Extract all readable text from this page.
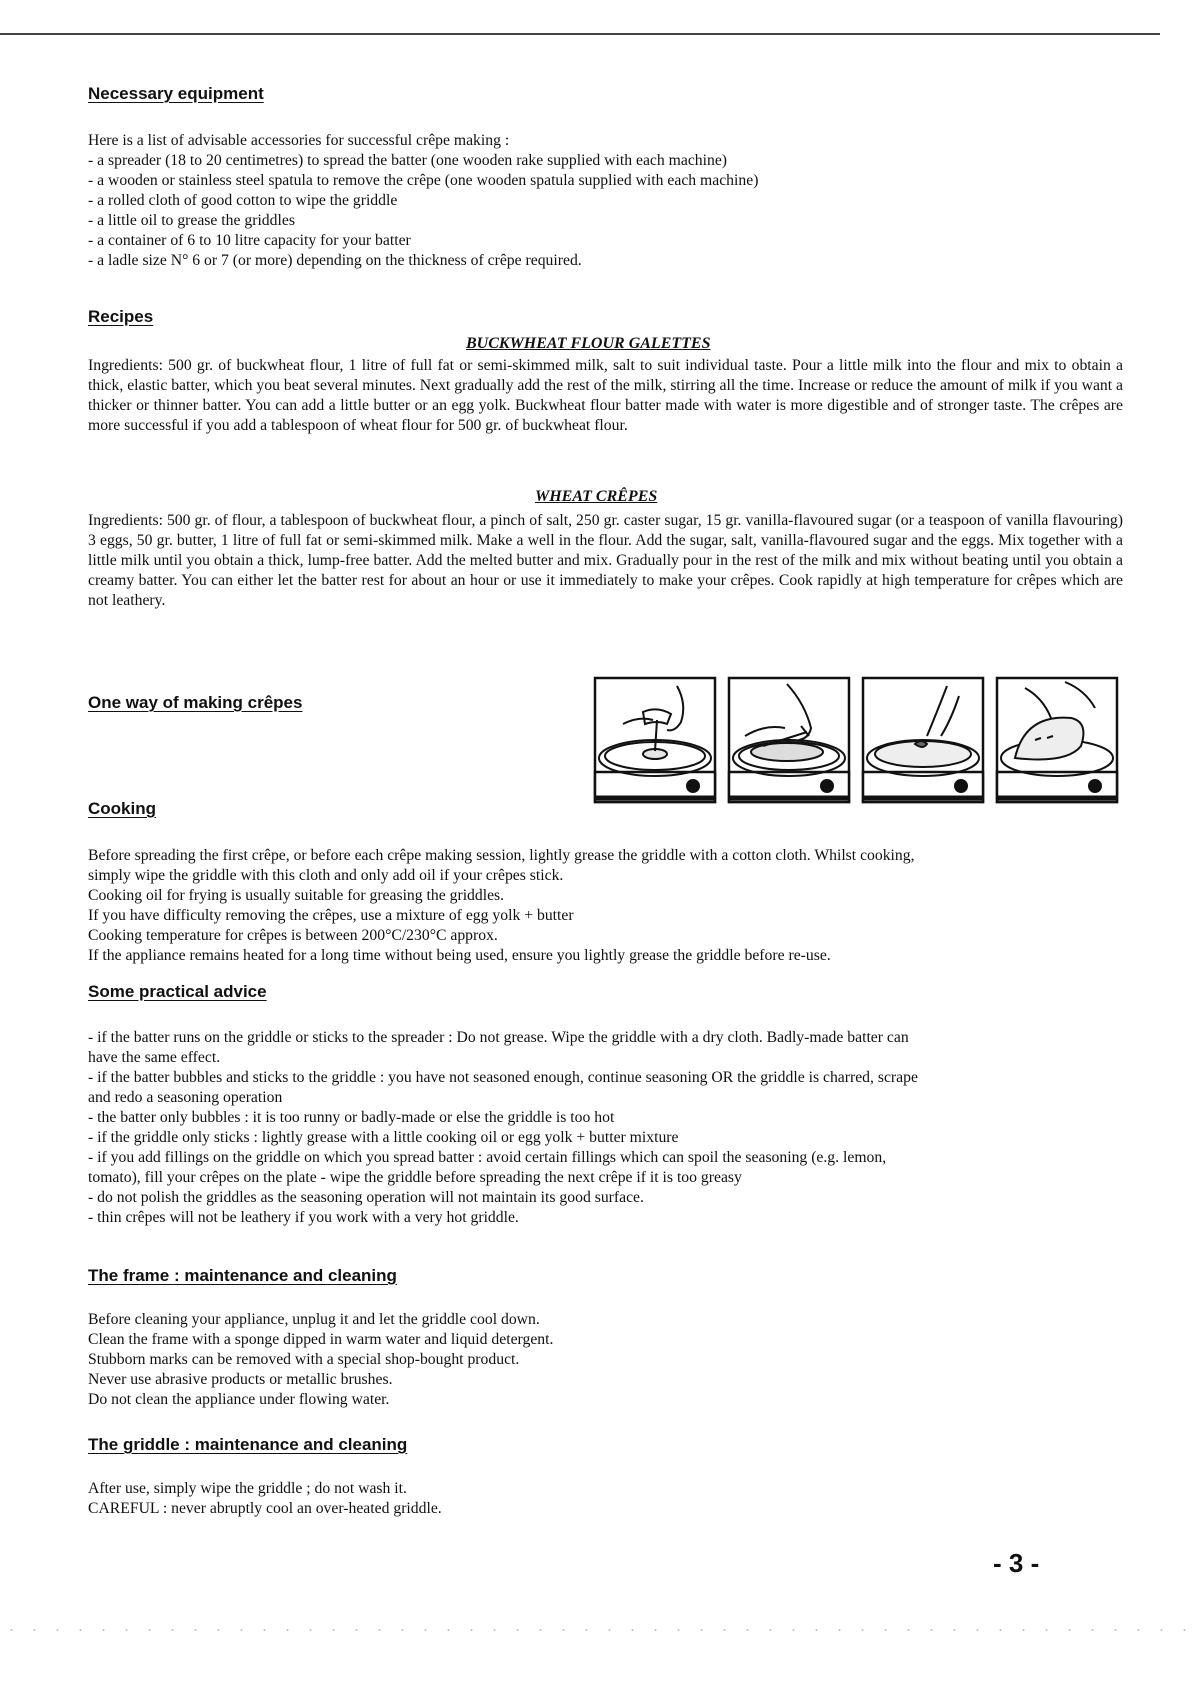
Necessary equipment

Here is a list of advisable accessories for successful crêpe making :

- a spreader (18 to 20 centimetres) to spread the batter (one wooden rake supplied with each machine)

- a wooden or stainless steel spatula to remove the crêpe (one wooden spatula supplied with each machine)

- a rolled cloth of good cotton to wipe the griddle

- a little oil to grease the griddles

- a container of 6 to 10 litre capacity for your batter

- a ladle size N° 6 or 7 (or more) depending on the thickness of crêpe required.

Recipes
BUCKWHEAT FLOUR GALETTES
Ingredients: 500 gr. of buckwheat flour, 1 litre of full fat or semi-skimmed milk, salt to suit individual taste. Pour a little milk into the flour and mix to obtain a thick, elastic batter, which you beat several minutes. Next gradually add the rest of the milk, stirring all the time. Increase or reduce the amount of milk if you want a thicker or thinner batter. You can add a little butter or an egg yolk. Buckwheat flour batter made with water is more digestible and of stronger taste. The crêpes are more successful if you add a tablespoon of wheat flour for 500 gr. of buckwheat flour.
WHEAT CRÊPES
Ingredients: 500 gr. of flour, a tablespoon of buckwheat flour, a pinch of salt, 250 gr. caster sugar, 15 gr. vanilla-flavoured sugar (or a teaspoon of vanilla flavouring) 3 eggs, 50 gr. butter, 1 litre of full fat or semi-skimmed milk. Make a well in the flour. Add the sugar, salt, vanilla-flavoured sugar and the eggs. Mix together with a little milk until you obtain a thick, lump-free batter. Add the melted butter and mix. Gradually pour in the rest of the milk and mix without beating until you obtain a creamy batter. You can either let the batter rest for about an hour or use it immediately to make your crêpes. Cook rapidly at high temperature for crêpes which are not leathery.
One way of making crêpes
Cooking

Before spreading the first crêpe, or before each crêpe making session, lightly grease the griddle with a cotton cloth. Whilst cooking,

simply wipe the griddle with this cloth and only add oil if your crêpes stick.

Cooking oil for frying is usually suitable for greasing the griddles.

If you have difficulty removing the crêpes, use a mixture of egg yolk + butter

Cooking temperature for crêpes is between 200°C/230°C approx.

If the appliance remains heated for a long time without being used, ensure you lightly grease the griddle before re-use.

Some practical advice

- if the batter runs on the griddle or sticks to the spreader : Do not grease. Wipe the griddle with a dry cloth. Badly-made batter can

have the same effect.

- if the batter bubbles and sticks to the griddle : you have not seasoned enough, continue seasoning OR the griddle is charred, scrape

and redo a seasoning operation

- the batter only bubbles : it is too runny or badly-made or else the griddle is too hot

- if the griddle only sticks : lightly grease with a little cooking oil or egg yolk + butter mixture

- if you add fillings on the griddle on which you spread batter : avoid certain fillings which can spoil the seasoning (e.g. lemon,

tomato), fill your crêpes on the plate - wipe the griddle before spreading the next crêpe if it is too greasy

- do not polish the griddles as the seasoning operation will not maintain its good surface.

- thin crêpes will not be leathery if you work with a very hot griddle.

The frame : maintenance and cleaning

Before cleaning your appliance, unplug it and let the griddle cool down.

Clean the frame with a sponge dipped in warm water and liquid detergent.

Stubborn marks can be removed with a special shop-bought product.

Never use abrasive products or metallic brushes.

Do not clean the appliance under flowing water.

The griddle : maintenance and cleaning

After use, simply wipe the griddle ; do not wash it.

CAREFUL : never abruptly cool an over-heated griddle.

- 3 -
